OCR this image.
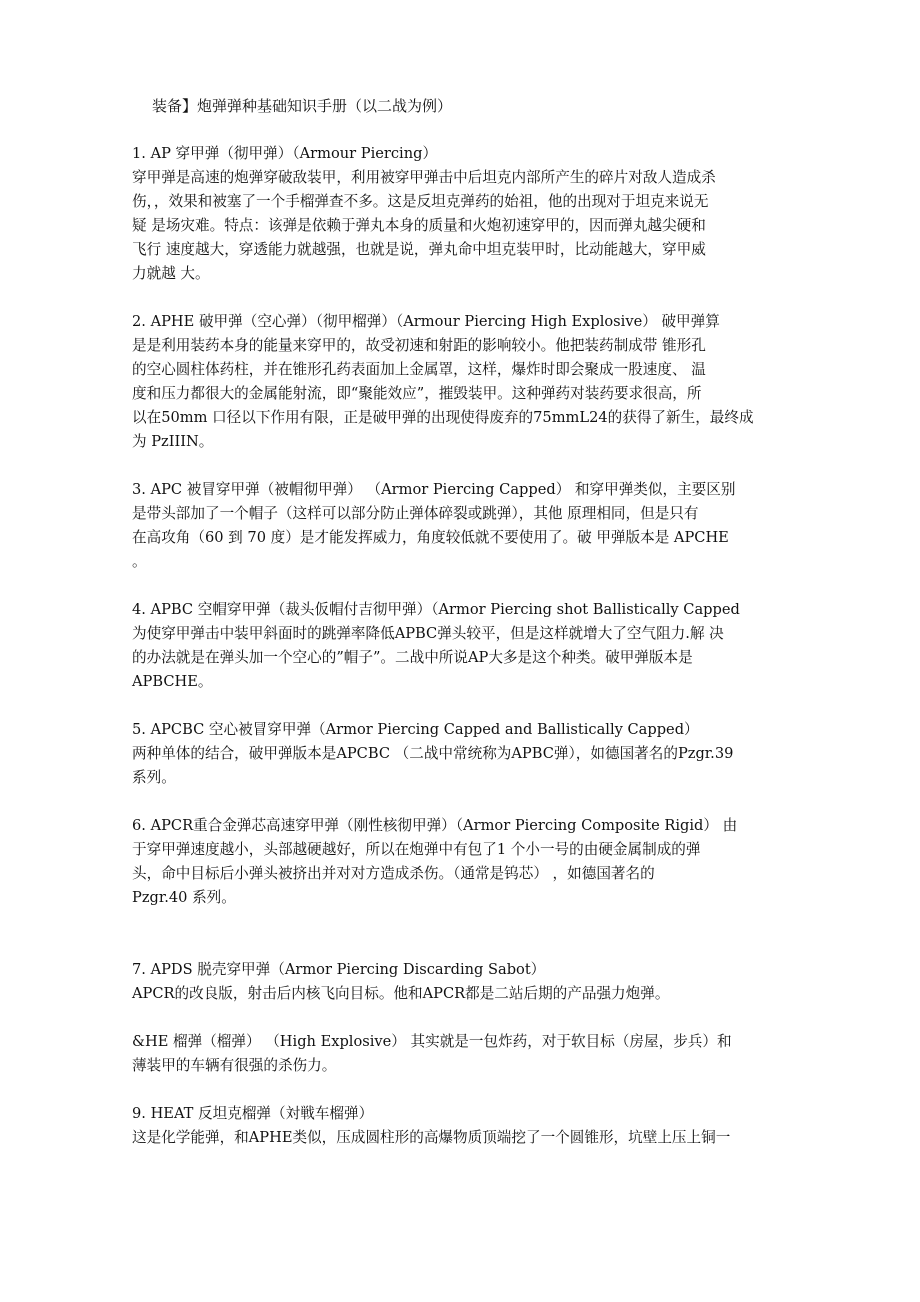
装备】炮弹弹种基础知识手册（以二战为例）
1. AP 穿甲弹（彻甲弹）（Armour Piercing）
穿甲弹是高速的炮弹穿破敌装甲，利用被穿甲弹击中后坦克内部所产生的碎片对敌人造成杀
伤，，效果和被塞了一个手榴弹查不多。这是反坦克弹药的始祖，他的出现对于坦克来说无
疑 是场灾难。特点：该弹是依赖于弹丸本身的质量和火炮初速穿甲的，因而弹丸越尖硬和
飞行 速度越大，穿透能力就越强，也就是说，弹丸命中坦克装甲时，比动能越大，穿甲威
力就越 大。
2. APHE 破甲弹（空心弹）（彻甲榴弹）（Armour Piercing High Explosive） 破甲弹算
是是利用装药本身的能量来穿甲的，故受初速和射距的影响较小。他把装药制成带 锥形孔
的空心圆柱体药柱，并在锥形孔药表面加上金属罩，这样，爆炸时即会聚成一股速度、 温
度和压力都很大的金属能射流，即“聚能效应”，摧毁装甲。这种弹药对装药要求很高，所
以在50mm 口径以下作用有限，正是破甲弹的出现使得废弃的75mmL24的获得了新生，最终成
为 PzIIIN。
3. APC 被冒穿甲弹（被帽彻甲弹） （Armor Piercing Capped） 和穿甲弹类似，主要区别
是带头部加了一个帽子（这样可以部分防止弹体碎裂或跳弹），其他 原理相同，但是只有
在高攻角（60 到 70 度）是才能发挥威力，角度较低就不要使用了。破 甲弹版本是 APCHE
。
4. APBC 空帽穿甲弹（裁头仮帽付吉彻甲弹）（Armor Piercing shot Ballistically Capped
为使穿甲弹击中装甲斜面时的跳弹率降低APBC弹头较平，但是这样就增大了空气阻力.解 决
的办法就是在弹头加一个空心的”帽子”。二战中所说AP大多是这个种类。破甲弹版本是
APBCHE。
5. APCBC 空心被冒穿甲弹（Armor Piercing Capped and Ballistically Capped）
两种单体的结合，破甲弹版本是APCBC （二战中常统称为APBC弹），如德国著名的Pzgr.39
系列。
6. APCR重合金弹芯高速穿甲弹（刚性核彻甲弹）（Armor Piercing Composite Rigid） 由
于穿甲弹速度越小，头部越硬越好，所以在炮弹中有包了1 个小一号的由硬金属制成的弹
头，命中目标后小弹头被挤出并对对方造成杀伤。（通常是钨芯） ，如德国著名的
Pzgr.40 系列。
7. APDS 脱壳穿甲弹（Armor Piercing Discarding Sabot）
APCR的改良版，射击后内核飞向目标。他和APCR都是二站后期的产品强力炮弹。
&HE 榴弹（榴弹） （High Explosive） 其实就是一包炸药，对于软目标（房屋，步兵）和
薄装甲的车辆有很强的杀伤力。
9. HEAT 反坦克榴弹（対戦车榴弹）
这是化学能弹，和APHE类似，压成圆柱形的高爆物质顶端挖了一个圆锥形，坑壁上压上铜一
